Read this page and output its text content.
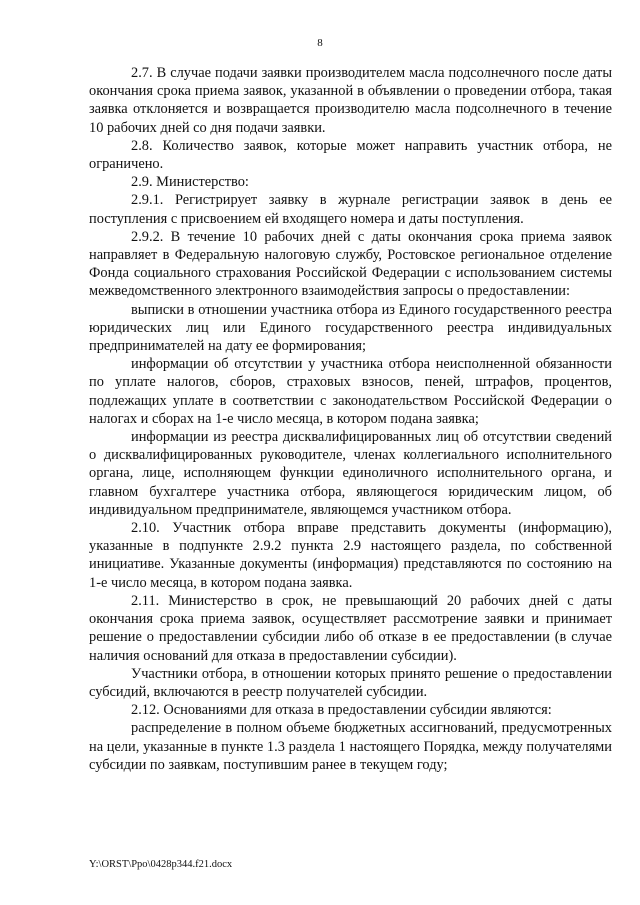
8

2.7. В случае подачи заявки производителем масла подсолнечного после даты окончания срока приема заявок, указанной в объявлении о проведении отбора, такая заявка отклоняется и возвращается производителю масла подсолнечного в течение 10 рабочих дней со дня подачи заявки.

2.8. Количество заявок, которые может направить участник отбора, не ограничено.

2.9. Министерство:

2.9.1. Регистрирует заявку в журнале регистрации заявок в день ее поступления с присвоением ей входящего номера и даты поступления.

2.9.2. В течение 10 рабочих дней с даты окончания срока приема заявок направляет в Федеральную налоговую службу, Ростовское региональное отделение Фонда социального страхования Российской Федерации с использованием системы межведомственного электронного взаимодействия запросы о предоставлении:

выписки в отношении участника отбора из Единого государственного реестра юридических лиц или Единого государственного реестра индивидуальных предпринимателей на дату ее формирования;

информации об отсутствии у участника отбора неисполненной обязанности по уплате налогов, сборов, страховых взносов, пеней, штрафов, процентов, подлежащих уплате в соответствии с законодательством Российской Федерации о налогах и сборах на 1-е число месяца, в котором подана заявка;

информации из реестра дисквалифицированных лиц об отсутствии сведений о дисквалифицированных руководителе, членах коллегиального исполнительного органа, лице, исполняющем функции единоличного исполнительного органа, и главном бухгалтере участника отбора, являющегося юридическим лицом, об индивидуальном предпринимателе, являющемся участником отбора.

2.10. Участник отбора вправе представить документы (информацию), указанные в подпункте 2.9.2 пункта 2.9 настоящего раздела, по собственной инициативе. Указанные документы (информация) представляются по состоянию на 1-е число месяца, в котором подана заявка.

2.11. Министерство в срок, не превышающий 20 рабочих дней с даты окончания срока приема заявок, осуществляет рассмотрение заявки и принимает решение о предоставлении субсидии либо об отказе в ее предоставлении (в случае наличия оснований для отказа в предоставлении субсидии).

Участники отбора, в отношении которых принято решение о предоставлении субсидий, включаются в реестр получателей субсидии.

2.12. Основаниями для отказа в предоставлении субсидии являются:

распределение в полном объеме бюджетных ассигнований, предусмотренных на цели, указанные в пункте 1.3 раздела 1 настоящего Порядка, между получателями субсидии по заявкам, поступившим ранее в текущем году;

Y:\ORST\Ppo\0428p344.f21.docx
